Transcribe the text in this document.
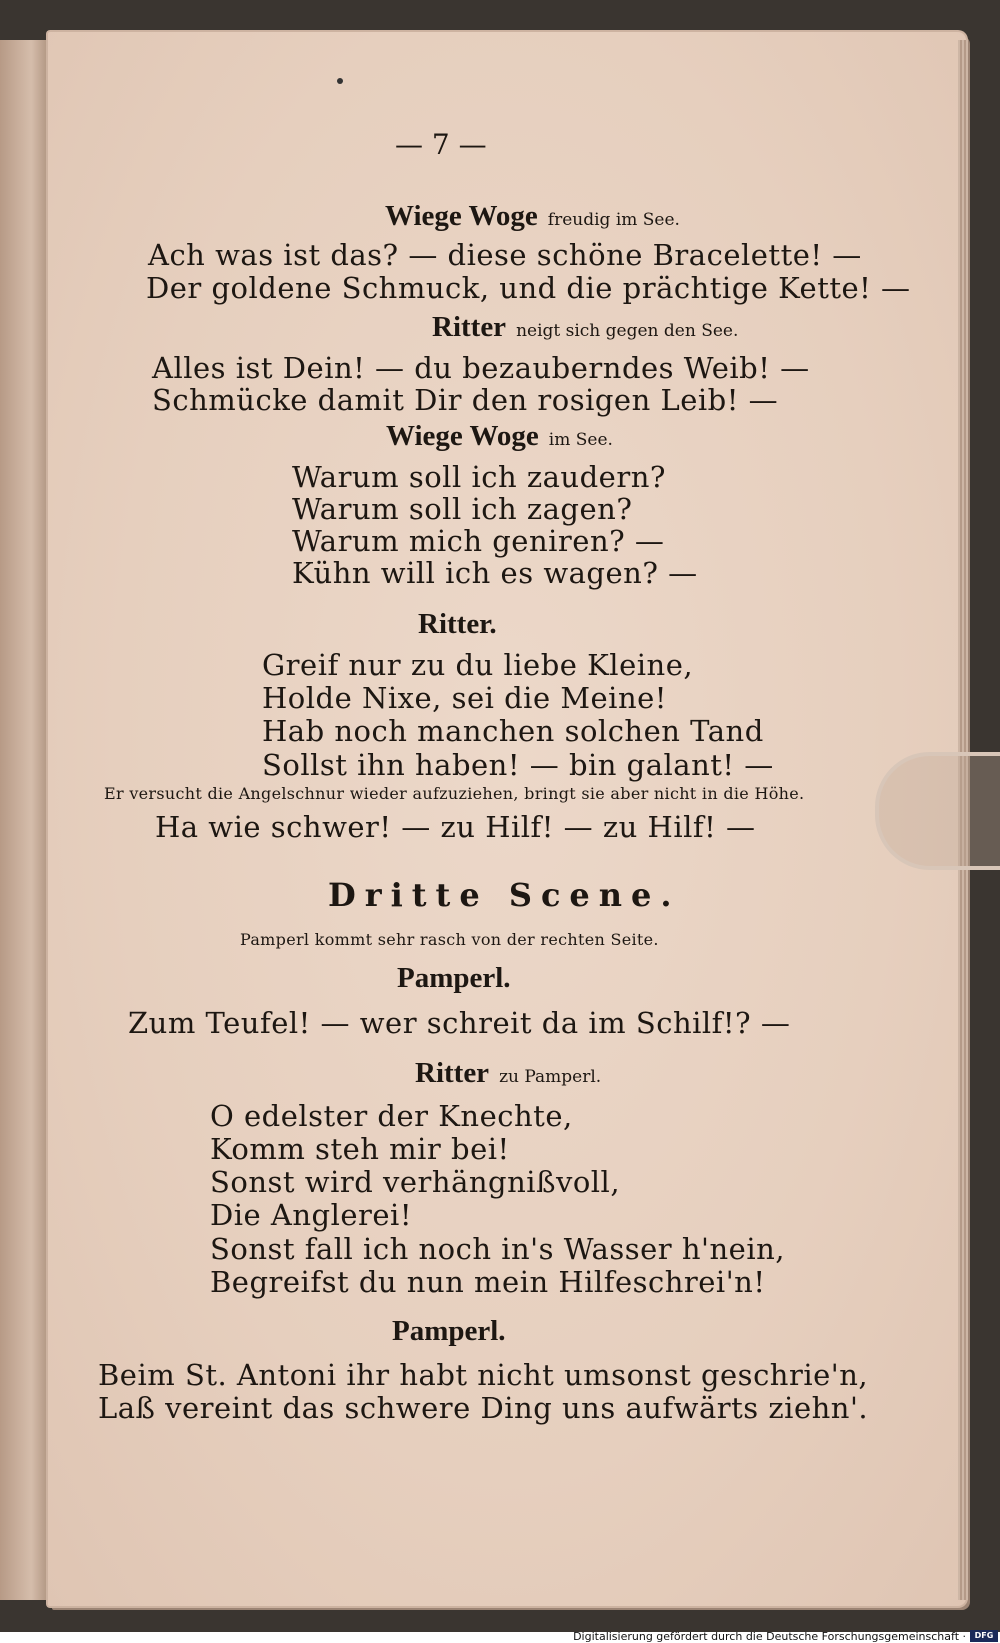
— 7 —
Wiege Woge freudig im See.
Ach was ist das? — diese schöne Bracelette! —
Der goldene Schmuck, und die prächtige Kette! —
Ritter neigt sich gegen den See.
Alles ist Dein! — du bezauberndes Weib! —
Schmücke damit Dir den rosigen Leib! —
Wiege Woge im See.
Warum soll ich zaudern?
Warum soll ich zagen?
Warum mich geniren? —
Kühn will ich es wagen? —
Ritter.
Greif nur zu du liebe Kleine,
Holde Nixe, sei die Meine!
Hab noch manchen solchen Tand
Sollst ihn haben! — bin galant! —
Er versucht die Angelschnur wieder aufzuziehen, bringt sie aber nicht in die Höhe.
Ha wie schwer! — zu Hilf! — zu Hilf! —
Dritte Scene.
Pamperl kommt sehr rasch von der rechten Seite.
Pamperl.
Zum Teufel! — wer schreit da im Schilf!? —
Ritter zu Pamperl.
O edelster der Knechte,
Komm steh mir bei!
Sonst wird verhängnißvoll,
Die Anglerei!
Sonst fall ich noch in's Wasser h'nein,
Begreifst du nun mein Hilfeschrei'n!
Pamperl.
Beim St. Antoni ihr habt nicht umsonst geschrie'n,
Laß vereint das schwere Ding uns aufwärts ziehn'.
Digitalisierung gefördert durch die Deutsche Forschungsgemeinschaft ·	DFG
